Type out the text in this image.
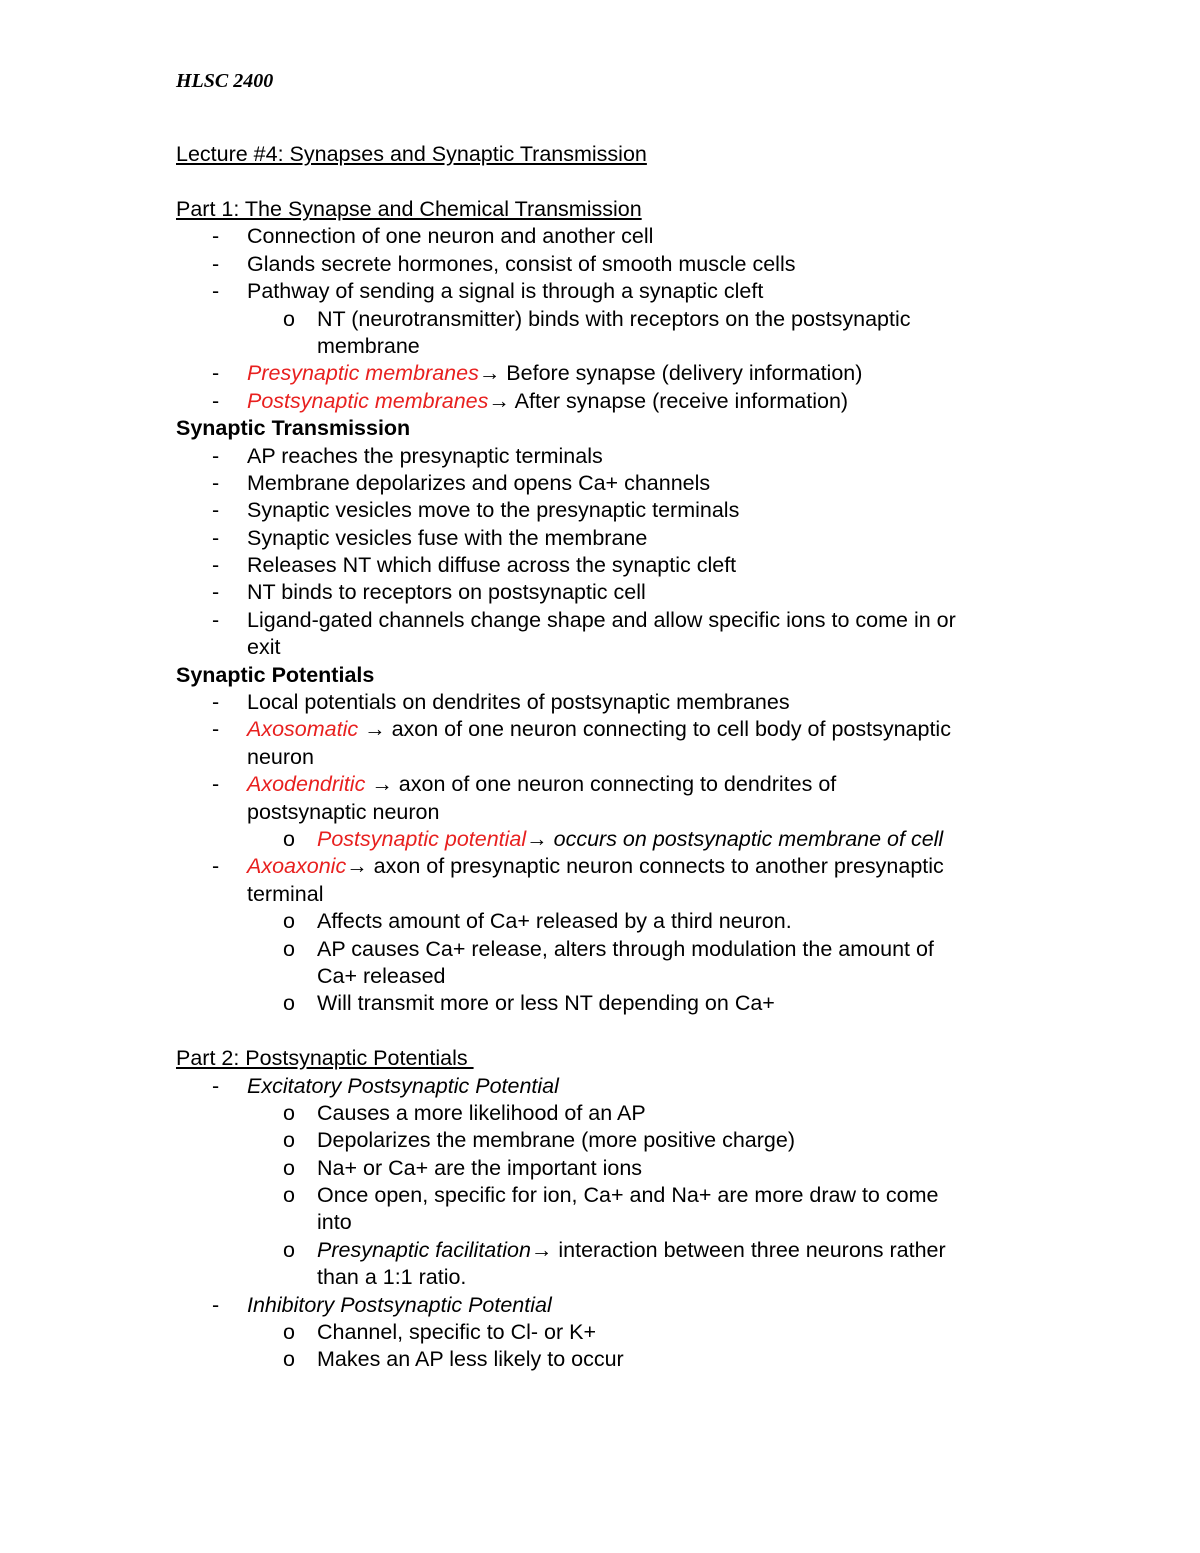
HLSC 2400
Lecture #4: Synapses and Synaptic Transmission
Part 1: The Synapse and Chemical Transmission
- Connection of one neuron and another cell
- Glands secrete hormones, consist of smooth muscle cells
- Pathway of sending a signal is through a synaptic cleft
o NT (neurotransmitter) binds with receptors on the postsynaptic
membrane
- Presynaptic membranes→ Before synapse (delivery information)
- Postsynaptic membranes→ After synapse (receive information)
Synaptic Transmission
- AP reaches the presynaptic terminals
- Membrane depolarizes and opens Ca+ channels
- Synaptic vesicles move to the presynaptic terminals
- Synaptic vesicles fuse with the membrane
- Releases NT which diffuse across the synaptic cleft
- NT binds to receptors on postsynaptic cell
- Ligand-gated channels change shape and allow specific ions to come in or
exit
Synaptic Potentials
- Local potentials on dendrites of postsynaptic membranes
- Axosomatic → axon of one neuron connecting to cell body of postsynaptic
neuron
- Axodendritic → axon of one neuron connecting to dendrites of
postsynaptic neuron
o Postsynaptic potential→ occurs on postsynaptic membrane of cell
- Axoaxonic→ axon of presynaptic neuron connects to another presynaptic
terminal
o Affects amount of Ca+ released by a third neuron.
o AP causes Ca+ release, alters through modulation the amount of
Ca+ released
o Will transmit more or less NT depending on Ca+
Part 2: Postsynaptic Potentials
- Excitatory Postsynaptic Potential
o Causes a more likelihood of an AP
o Depolarizes the membrane (more positive charge)
o Na+ or Ca+ are the important ions
o Once open, specific for ion, Ca+ and Na+ are more draw to come
into
o Presynaptic facilitation→ interaction between three neurons rather
than a 1:1 ratio.
- Inhibitory Postsynaptic Potential
o Channel, specific to Cl- or K+
o Makes an AP less likely to occur
